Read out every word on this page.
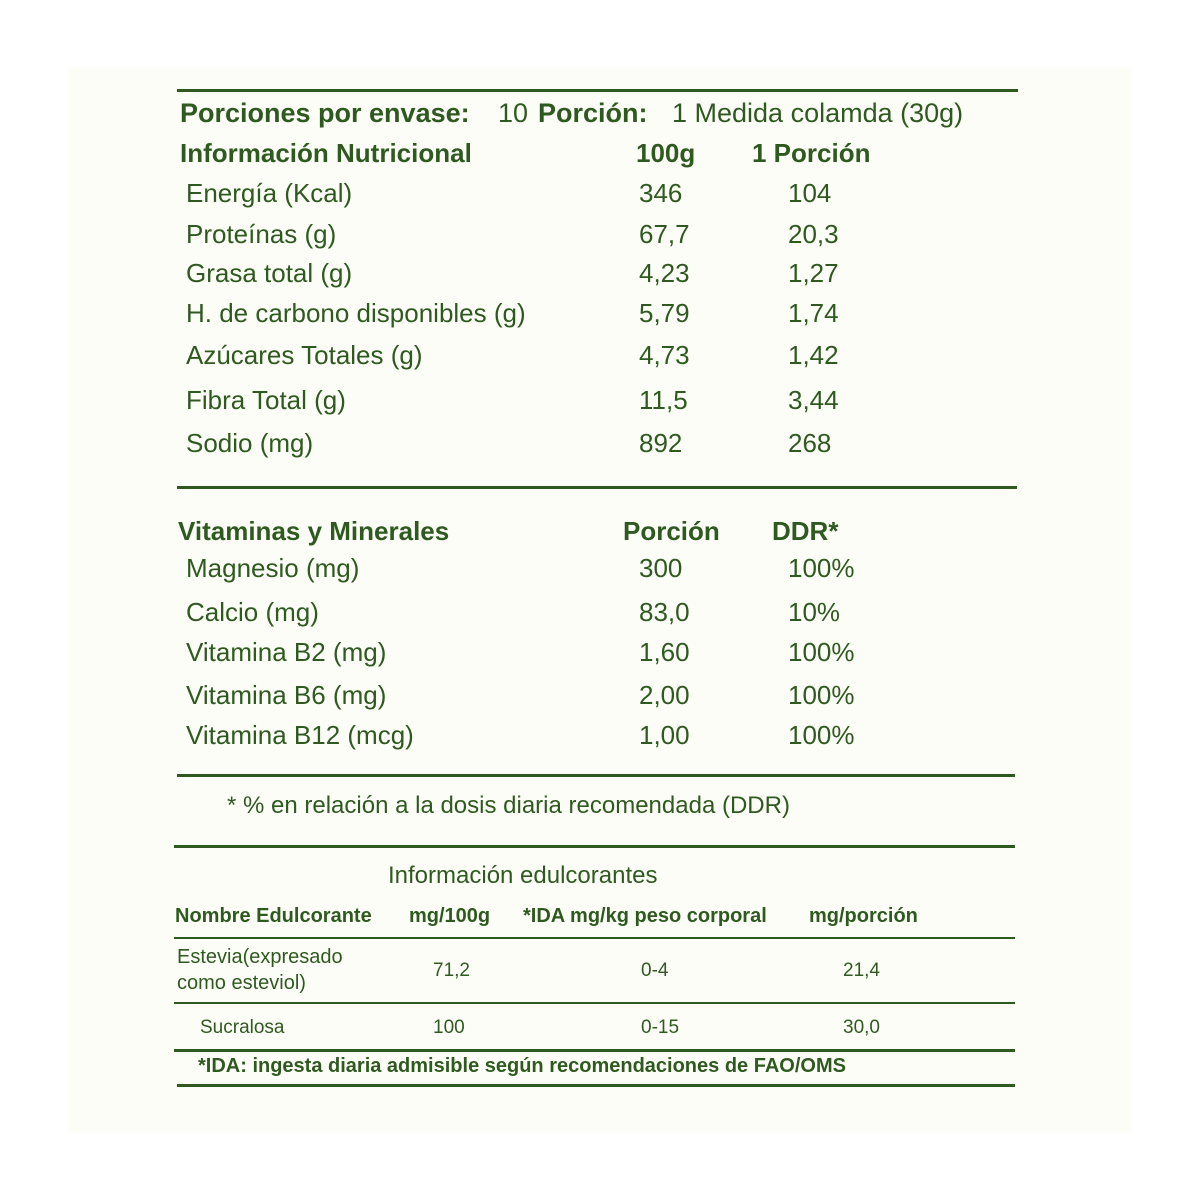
Porciones por envase: 10 Porción: 1 Medida colamda (30g)
Información Nutricional	100g 1 Porción
Energía (Kcal)	346	104
Proteínas (g)	67,7	20,3
Grasa total (g)	4,23	1,27
H. de carbono disponibles (g)	5,79	1,74
Azúcares Totales (g)	4,73	1,42
Fibra Total (g)	11,5	3,44
Sodio (mg)	892	268
Vitaminas y Minerales	Porción DDR*
Magnesio (mg)	300	100%
Calcio (mg)	83,0	10%
Vitamina B2 (mg)	1,60	100%
Vitamina B6 (mg)	2,00	100%
Vitamina B12 (mcg)	1,00	100%
* % en relación a la dosis diaria recomendada (DDR)
Información edulcorantes
Nombre Edulcorante mg/100g *IDA mg/kg peso corporal mg/porción
Estevia(expresado
como esteviol)
71,2	0-4	21,4
Sucralosa	100	0-15	30,0
*IDA: ingesta diaria admisible según recomendaciones de FAO/OMS
